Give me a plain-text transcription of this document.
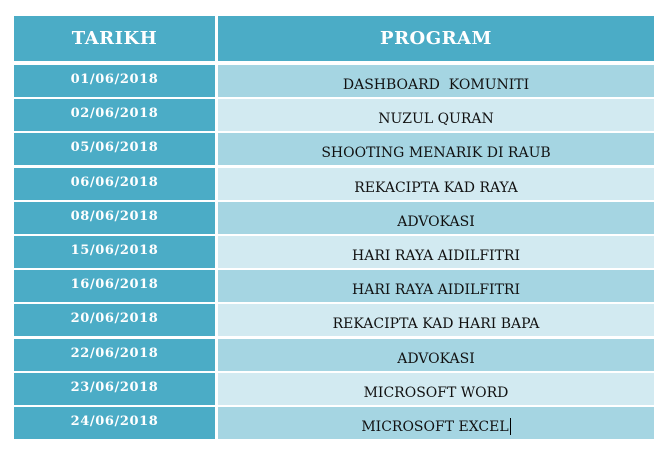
TARIKH	PROGRAM
01/06/2018	DASHBOARD  KOMUNITI
02/06/2018	NUZUL QURAN
05/06/2018	SHOOTING MENARIK DI RAUB
06/06/2018	REKACIPTA KAD RAYA
08/06/2018	ADVOKASI
15/06/2018	HARI RAYA AIDILFITRI
16/06/2018	HARI RAYA AIDILFITRI
20/06/2018	REKACIPTA KAD HARI BAPA
22/06/2018	ADVOKASI
23/06/2018	MICROSOFT WORD
24/06/2018	MICROSOFT EXCEL
